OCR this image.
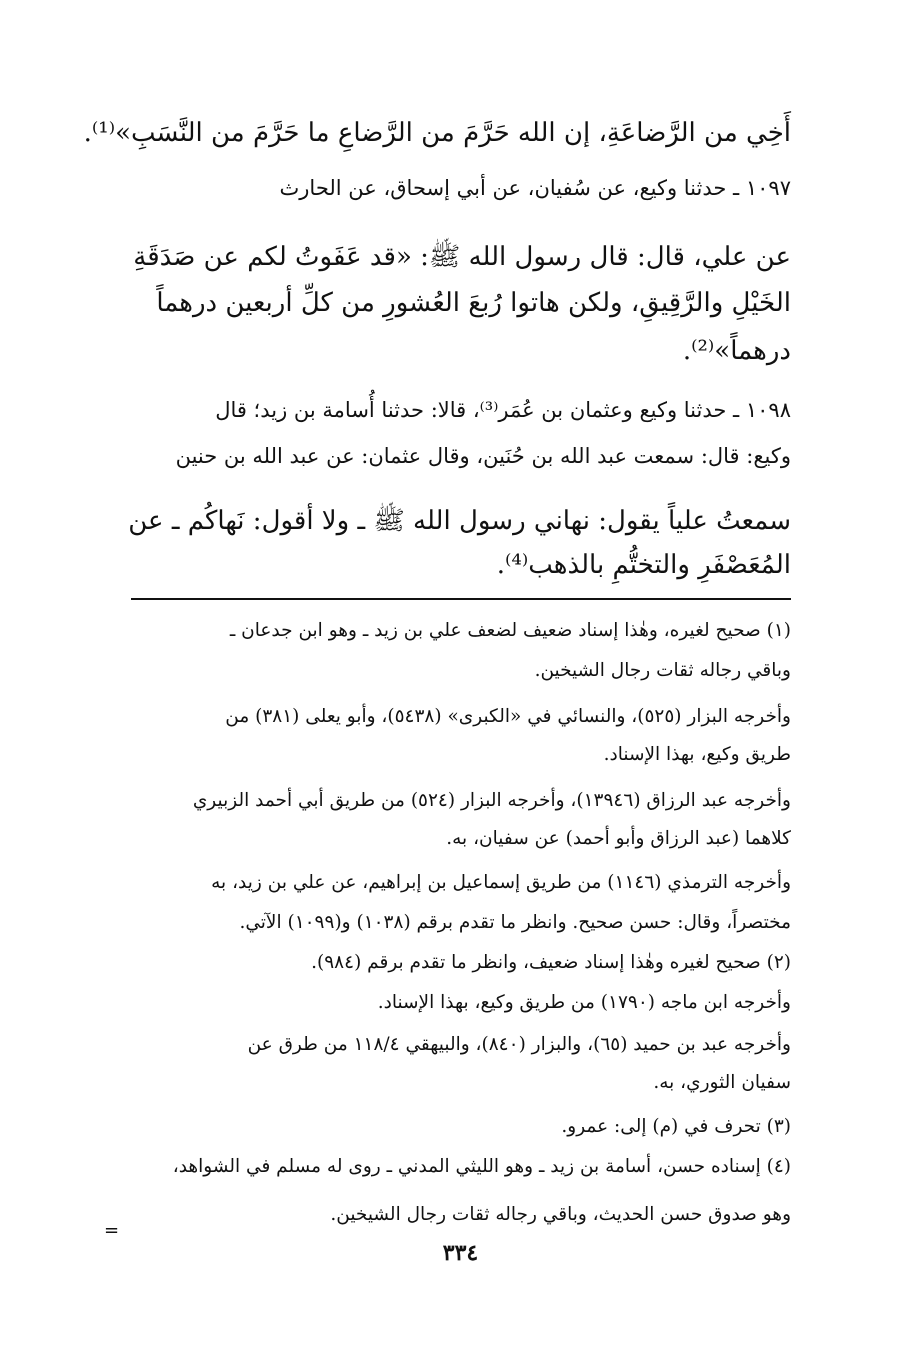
أَخِي من الرَّضاعَةِ، إن الله حَرَّمَ من الرَّضاعِ ما حَرَّمَ من النَّسَبِ»⁽¹⁾.
١٠٩٧ ـ حدثنا وكيع، عن سُفيان، عن أبي إسحاق، عن الحارث
عن علي، قال: قال رسول الله ﷺ: «قد عَفَوتُ لكم عن صَدَقَةِ
الخَيْلِ والرَّقِيقِ، ولكن هاتوا رُبعَ العُشورِ من كلِّ أربعين درهماً
درهماً»⁽²⁾.
١٠٩٨ ـ حدثنا وكيع وعثمان بن عُمَر⁽³⁾، قالا: حدثنا أُسامة بن زيد؛ قال
وكيع: قال: سمعت عبد الله بن حُنَين، وقال عثمان: عن عبد الله بن حنين
سمعتُ علياً يقول: نهاني رسول الله ﷺ ـ ولا أقول: نَهاكُم ـ عن
المُعَصْفَرِ والتختُّمِ بالذهب⁽⁴⁾.
(١) صحيح لغيره، وهٰذا إسناد ضعيف لضعف علي بن زيد ـ وهو ابن جدعان ـ
وباقي رجاله ثقات رجال الشيخين.
وأخرجه البزار (٥٢٥)، والنسائي في «الكبرى» (٥٤٣٨)، وأبو يعلى (٣٨١) من
طريق وكيع، بهذا الإسناد.
وأخرجه عبد الرزاق (١٣٩٤٦)، وأخرجه البزار (٥٢٤) من طريق أبي أحمد الزبيري
كلاهما (عبد الرزاق وأبو أحمد) عن سفيان، به.
وأخرجه الترمذي (١١٤٦) من طريق إسماعيل بن إبراهيم، عن علي بن زيد، به
مختصراً، وقال: حسن صحيح. وانظر ما تقدم برقم (١٠٣٨) و(١٠٩٩) الآتي.
(٢) صحيح لغيره وهٰذا إسناد ضعيف، وانظر ما تقدم برقم (٩٨٤).
وأخرجه ابن ماجه (١٧٩٠) من طريق وكيع، بهذا الإسناد.
وأخرجه عبد بن حميد (٦٥)، والبزار (٨٤٠)، والبيهقي ١١٨/٤ من طرق عن
سفيان الثوري، به.
(٣) تحرف في (م) إلى: عمرو.
(٤) إسناده حسن، أسامة بن زيد ـ وهو الليثي المدني ـ روى له مسلم في الشواهد،
وهو صدوق حسن الحديث، وباقي رجاله ثقات رجال الشيخين.
=
٣٣٤
